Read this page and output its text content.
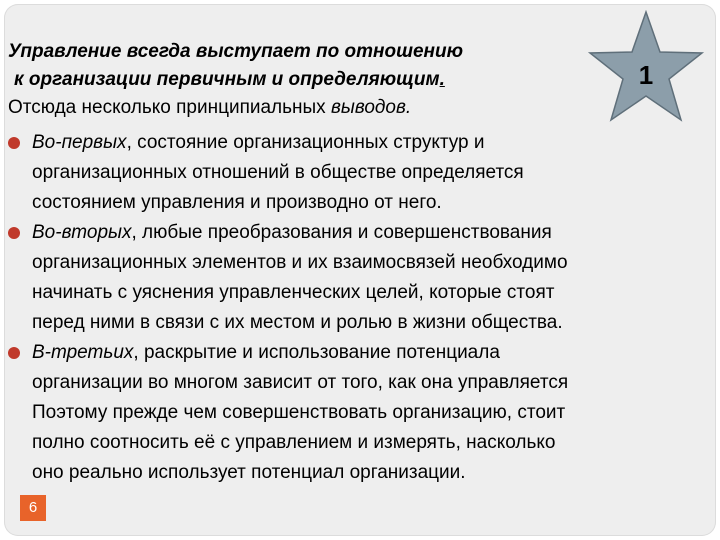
1

Управление всегда выступает по отношению

к организации первичным и определяющим.

Отсюда несколько принципиальных выводов.

Во-первых, состояние организационных структур и
организационных отношений в обществе определяется
состоянием управления и производно от него.
Во-вторых, любые преобразования и совершенствования
организационных элементов и их взаимосвязей необходимо
начинать с уяснения управленческих целей, которые стоят
перед ними в связи с их местом и ролью в жизни общества.
В-третьих, раскрытие и использование потенциала
организации во многом зависит от того, как она управляется
Поэтому прежде чем совершенствовать организацию, стоит
полно соотносить её с управлением и измерять, насколько
оно реально использует потенциал организации.
6
